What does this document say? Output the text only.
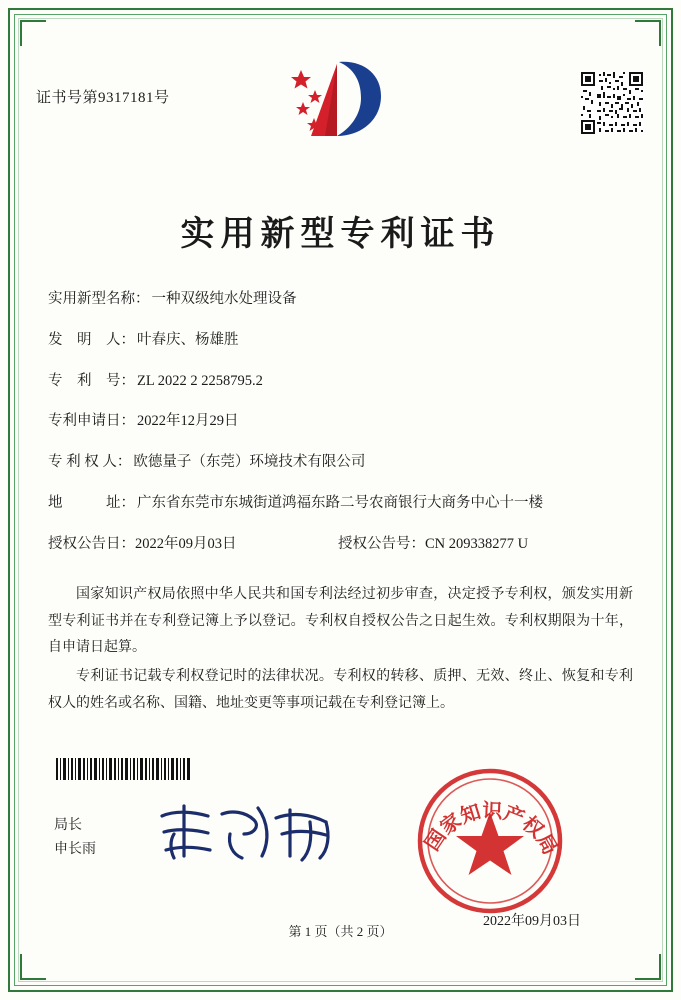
证书号第9317181号
实用新型专利证书
实用新型名称： 一种双级纯水处理设备
发　明　人： 叶春庆、杨雄胜
专　利　号： ZL 2022 2 2258795.2
专利申请日： 2022年12月29日
专 利 权 人： 欧德量子（东莞）环境技术有限公司
地　　　址： 广东省东莞市东城街道鸿福东路二号农商银行大商务中心十一楼
授权公告日：2022年09月03日	授权公告号：CN 209338277 U

国家知识产权局依照中华人民共和国专利法经过初步审查，决定授予专利权，颁发实用新型专利证书并在专利登记簿上予以登记。专利权自授权公告之日起生效。专利权期限为十年，自申请日起算。

专利证书记载专利权登记时的法律状况。专利权的转移、质押、无效、终止、恢复和专利权人的姓名或名称、国籍、地址变更等事项记载在专利登记簿上。

局长
申长雨	国家知识产权局
2022年09月03日
第 1 页（共 2 页）
